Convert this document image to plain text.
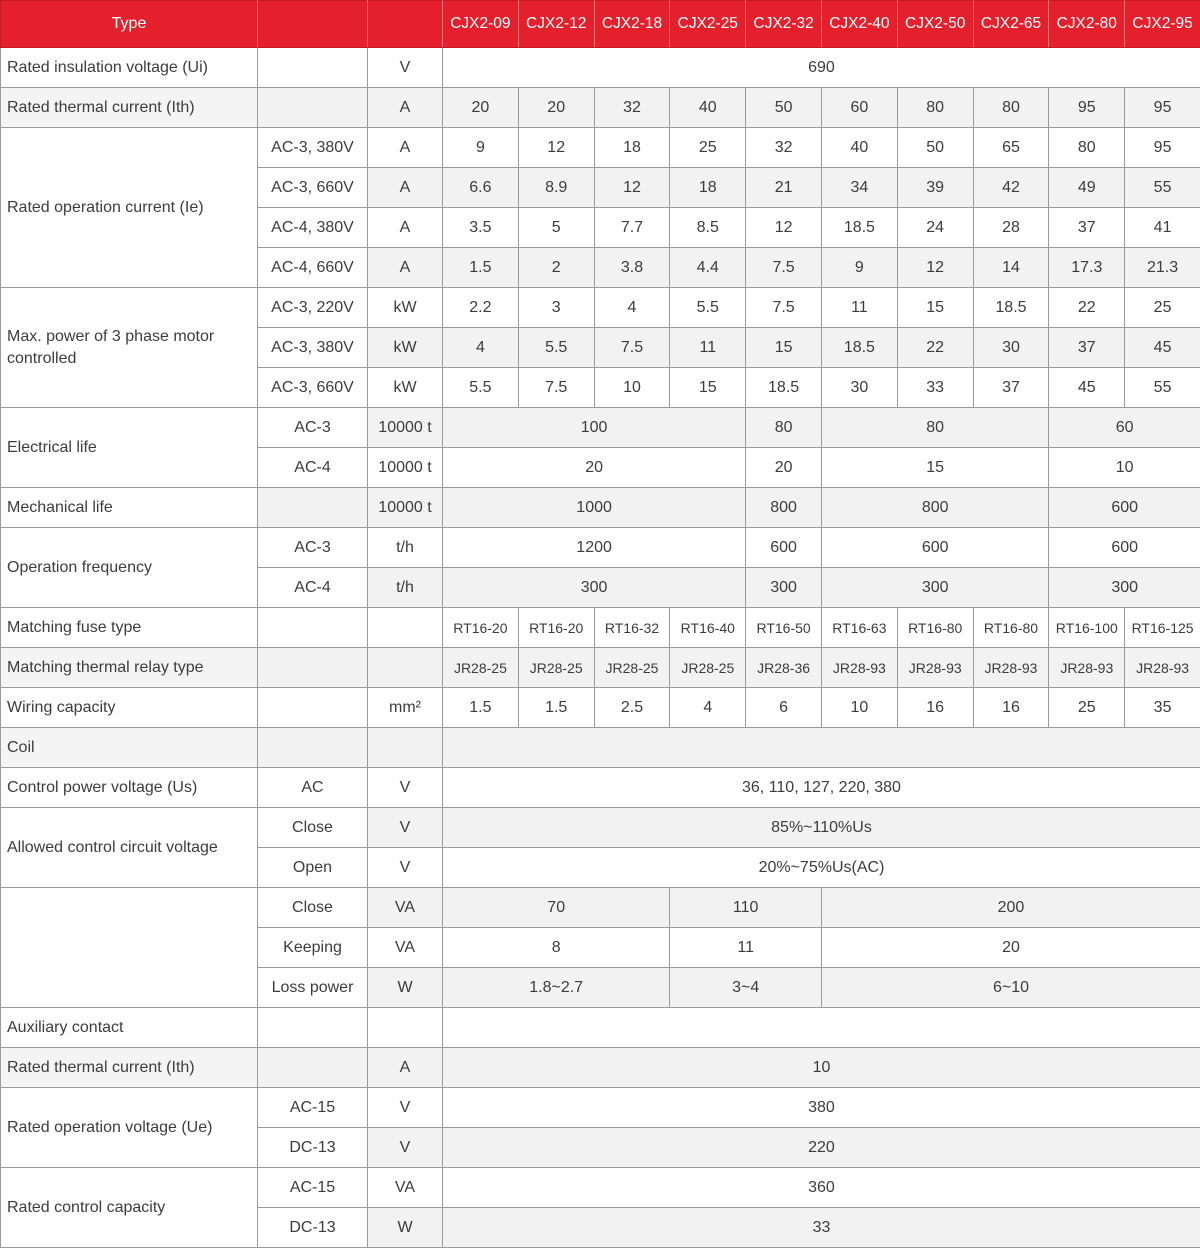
Type			CJX2-09	CJX2-12	CJX2-18	CJX2-25	CJX2-32	CJX2-40	CJX2-50	CJX2-65	CJX2-80	CJX2-95
Rated insulation voltage (Ui)		V	690									
Rated thermal current (Ith)		A	20	20	32	40	50	60	80	80	95	95
Rated operation current (Ie)	AC-3, 380V	A	9	12	18	25	32	40	50	65	80	95
	AC-3, 660V	A	6.6	8.9	12	18	21	34	39	42	49	55
	AC-4, 380V	A	3.5	5	7.7	8.5	12	18.5	24	28	37	41
	AC-4, 660V	A	1.5	2	3.8	4.4	7.5	9	12	14	17.3	21.3
Max. power of 3 phase motor controlled	AC-3, 220V	kW	2.2	3	4	5.5	7.5	11	15	18.5	22	25
	AC-3, 380V	kW	4	5.5	7.5	11	15	18.5	22	30	37	45
	AC-3, 660V	kW	5.5	7.5	10	15	18.5	30	33	37	45	55
Electrical life	AC-3	10000 t	100				80	80			60	
	AC-4	10000 t	20				20	15			10	
Mechanical life		10000 t	1000				800	800			600	
Operation frequency	AC-3	t/h	1200				600	600			600	
	AC-4	t/h	300				300	300			300	
Matching fuse type			RT16-20	RT16-20	RT16-32	RT16-40	RT16-50	RT16-63	RT16-80	RT16-80	RT16-100	RT16-125
Matching thermal relay type			JR28-25	JR28-25	JR28-25	JR28-25	JR28-36	JR28-93	JR28-93	JR28-93	JR28-93	JR28-93
Wiring capacity		mm²	1.5	1.5	2.5	4	6	10	16	16	25	35
Coil												
Control power voltage (Us)	AC	V	36, 110, 127, 220, 380									
Allowed control circuit voltage	Close	V	85%~110%Us									
	Open	V	20%~75%Us(AC)									
	Close	VA	70			110		200				
	Keeping	VA	8			11		20				
	Loss power	W	1.8~2.7			3~4		6~10				
Auxiliary contact												
Rated thermal current (Ith)		A	10									
Rated operation voltage (Ue)	AC-15	V	380									
	DC-13	V	220									
Rated control capacity	AC-15	VA	360									
	DC-13	W	33									
